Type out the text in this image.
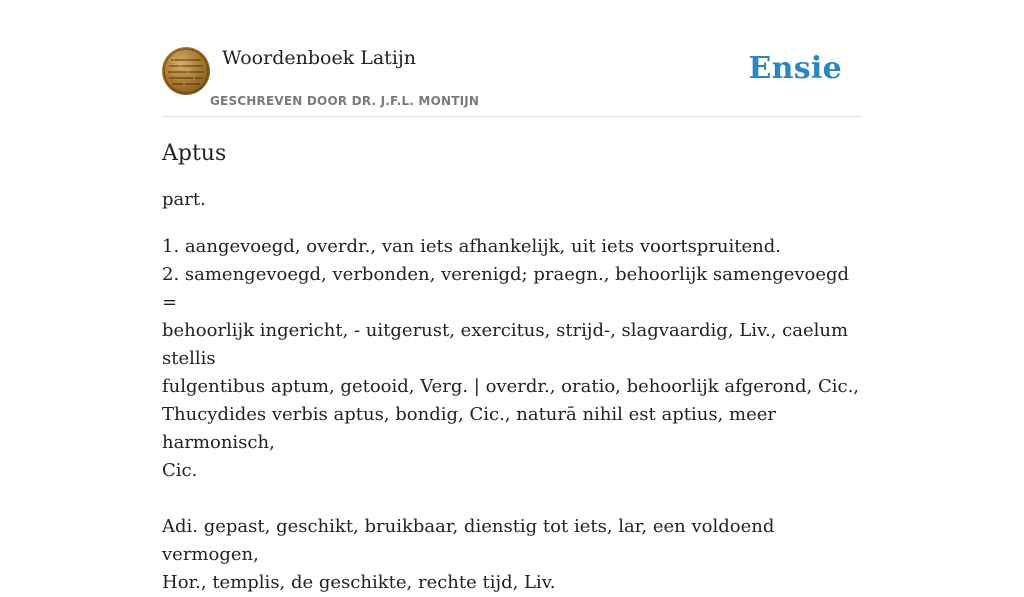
Woordenboek Latijn
GESCHREVEN DOOR DR. J.F.L. MONTIJN
Ensie
Aptus

part.

1. aangevoegd, overdr., van iets afhankelijk, uit iets voortspruitend.
2. samengevoegd, verbonden, verenigd; praegn., behoorlijk samengevoegd =
behoorlijk ingericht, - uitgerust, exercitus, strijd-, slagvaardig, Liv., caelum stellis
fulgentibus aptum, getooid, Verg. | overdr., oratio, behoorlijk afgerond, Cic.,
Thucydides verbis aptus, bondig, Cic., naturā nihil est aptius, meer harmonisch,
Cic.
Adi. gepast, geschikt, bruikbaar, dienstig tot iets, lar, een voldoend vermogen,
Hor., templis, de geschikte, rechte tijd, Liv.
